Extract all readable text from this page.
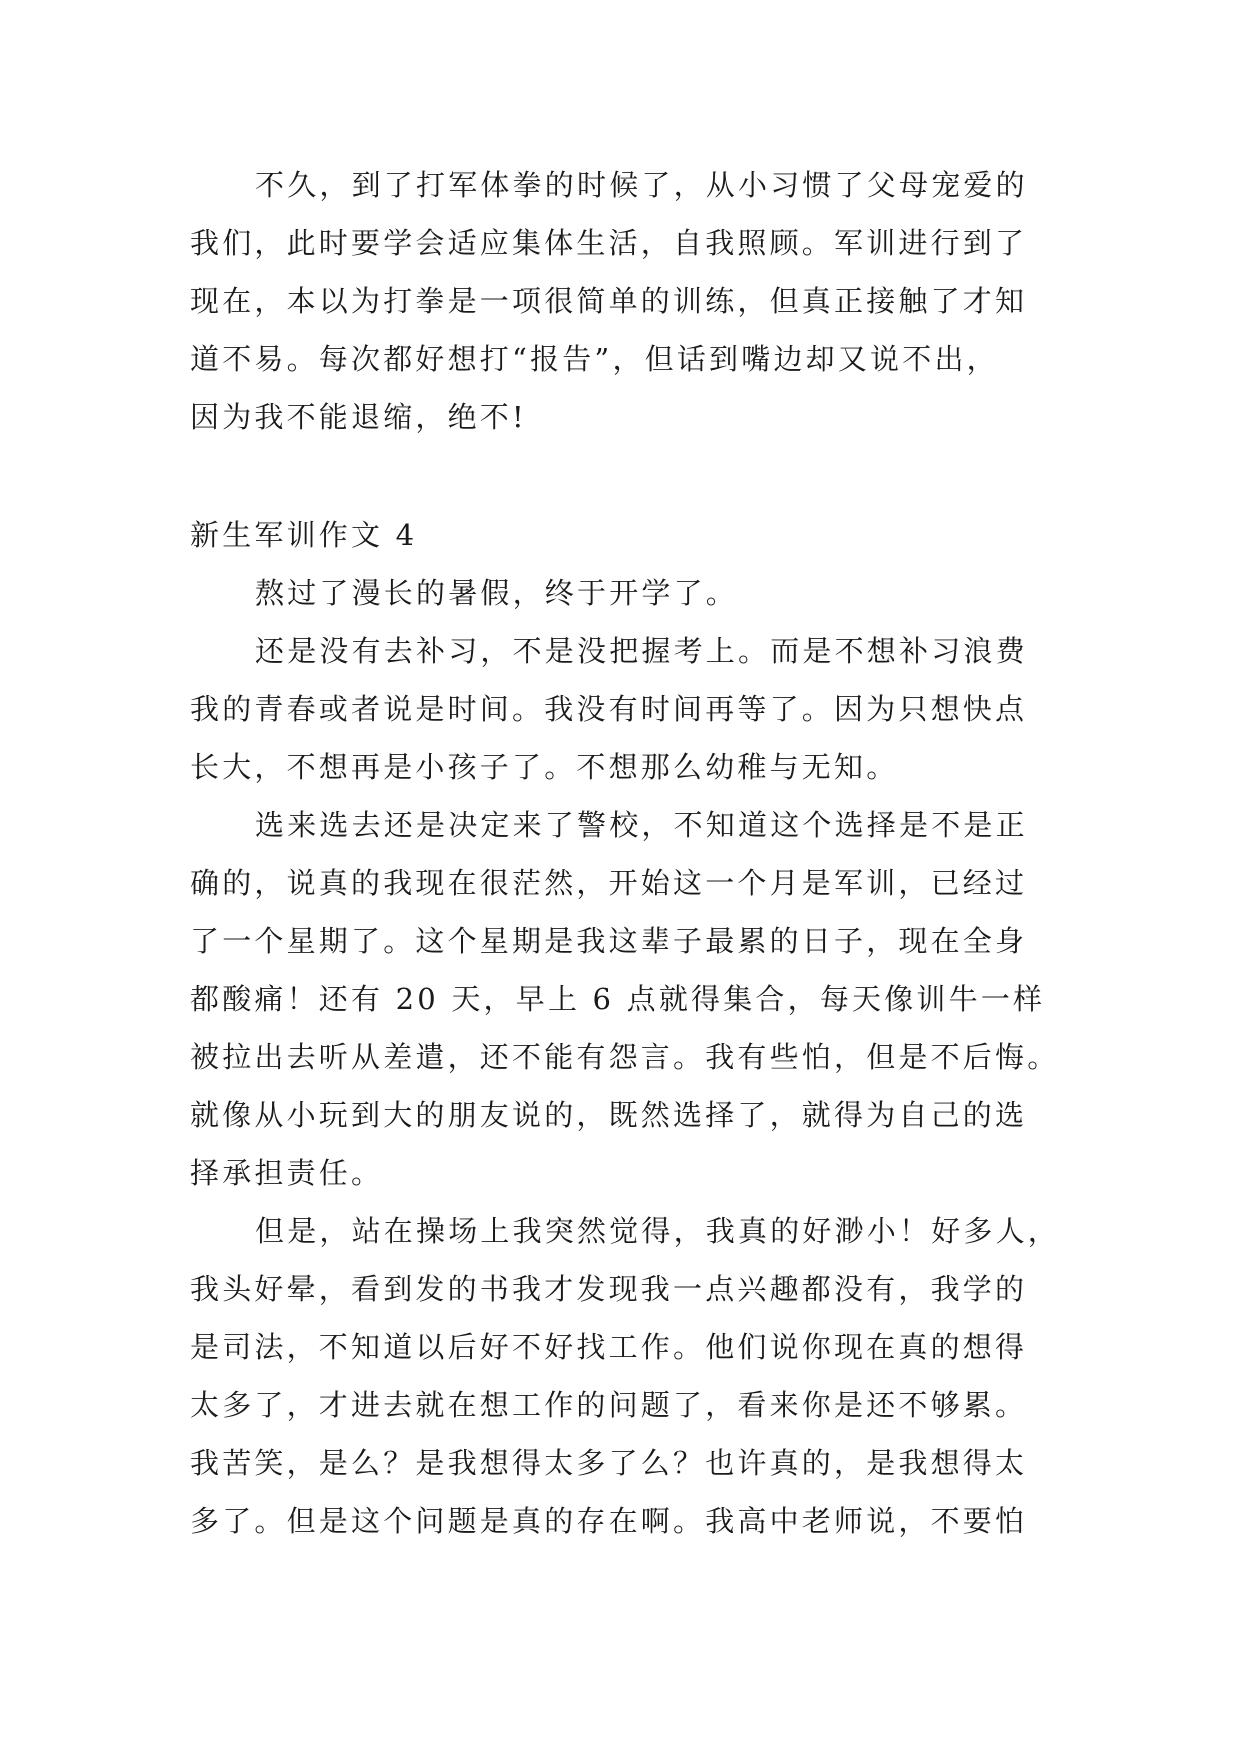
不久，到了打军体拳的时候了，从小习惯了父母宠爱的
我们，此时要学会适应集体生活，自我照顾。军训进行到了
现在，本以为打拳是一项很简单的训练，但真正接触了才知
道不易。每次都好想打“报告”，但话到嘴边却又说不出，
因为我不能退缩，绝不!
新生军训作文 4
熬过了漫长的暑假，终于开学了。
还是没有去补习，不是没把握考上。而是不想补习浪费
我的青春或者说是时间。我没有时间再等了。因为只想快点
长大，不想再是小孩子了。不想那么幼稚与无知。
选来选去还是决定来了警校，不知道这个选择是不是正
确的，说真的我现在很茫然，开始这一个月是军训，已经过
了一个星期了。这个星期是我这辈子最累的日子，现在全身
都酸痛！还有 20 天，早上 6 点就得集合，每天像训牛一样
被拉出去听从差遣，还不能有怨言。我有些怕，但是不后悔。
就像从小玩到大的朋友说的，既然选择了，就得为自己的选
择承担责任。
但是，站在操场上我突然觉得，我真的好渺小！好多人，
我头好晕，看到发的书我才发现我一点兴趣都没有，我学的
是司法，不知道以后好不好找工作。他们说你现在真的想得
太多了，才进去就在想工作的问题了，看来你是还不够累。
我苦笑，是么？是我想得太多了么？也许真的，是我想得太
多了。但是这个问题是真的存在啊。我高中老师说，不要怕
